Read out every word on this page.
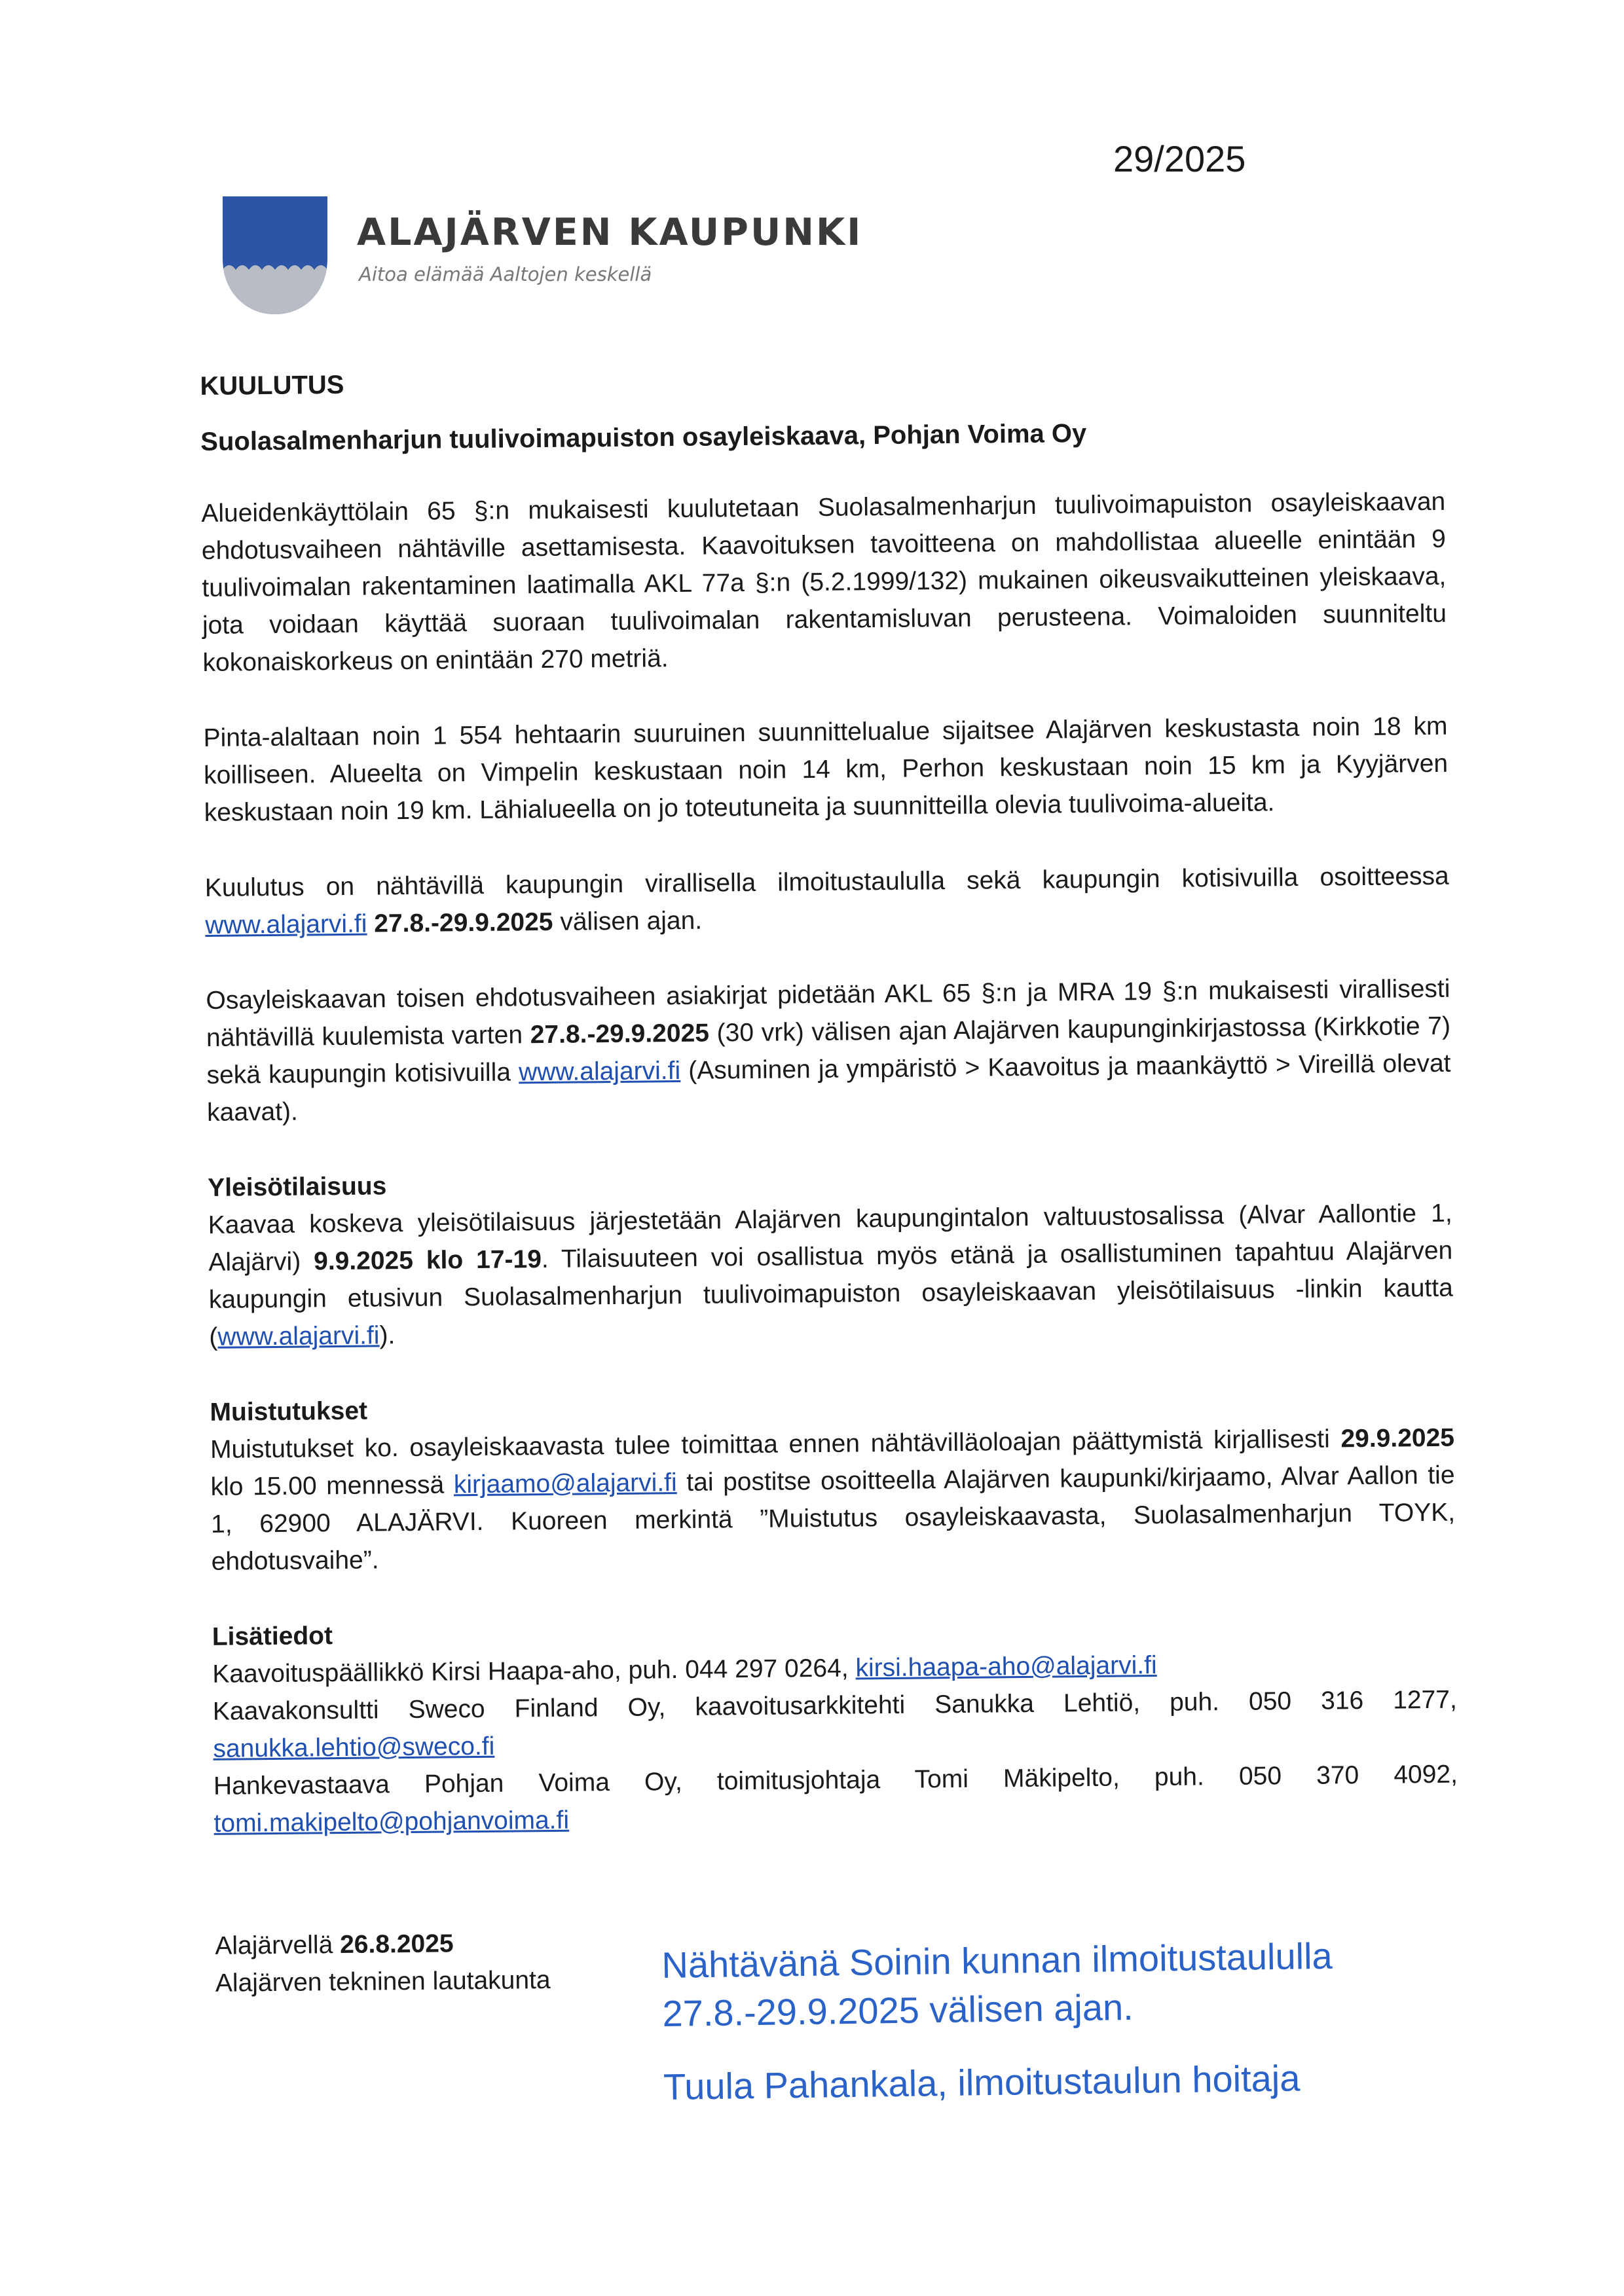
29/2025
ALAJÄRVEN KAUPUNKI
Aitoa elämää Aaltojen keskellä
KUULUTUS
Suolasalmenharjun tuulivoimapuiston osayleiskaava, Pohjan Voima Oy

Alueidenkäyttölain 65 §:n mukaisesti kuulutetaan Suolasalmenharjun tuulivoimapuiston osayleiskaavan ehdotusvaiheen nähtäville asettamisesta. Kaavoituksen tavoitteena on mahdollistaa alueelle enintään 9 tuulivoimalan rakentaminen laatimalla AKL 77a §:n (5.2.1999/132) mukainen oikeusvaikutteinen yleiskaava, jota voidaan käyttää suoraan tuulivoimalan rakentamisluvan perusteena. Voimaloiden suunniteltu kokonaiskorkeus on enintään 270 metriä.

Pinta-alaltaan noin 1 554 hehtaarin suuruinen suunnittelualue sijaitsee Alajärven keskustasta noin 18 km koilliseen. Alueelta on Vimpelin keskustaan noin 14 km, Perhon keskustaan noin 15 km ja Kyyjärven keskustaan noin 19 km. Lähialueella on jo toteutuneita ja suunnitteilla olevia tuulivoima-alueita.

Kuulutus on nähtävillä kaupungin virallisella ilmoitustaululla sekä kaupungin kotisivuilla osoitteessa www.alajarvi.fi 27.8.-29.9.2025 välisen ajan.

Osayleiskaavan toisen ehdotusvaiheen asiakirjat pidetään AKL 65 §:n ja MRA 19 §:n mukaisesti virallisesti nähtävillä kuulemista varten 27.8.-29.9.2025 (30 vrk) välisen ajan Alajärven kaupunginkirjastossa (Kirkkotie 7) sekä kaupungin kotisivuilla www.alajarvi.fi (Asuminen ja ympäristö > Kaavoitus ja maankäyttö > Vireillä olevat kaavat).

Yleisötilaisuus
Kaavaa koskeva yleisötilaisuus järjestetään Alajärven kaupungintalon valtuustosalissa (Alvar Aallontie 1, Alajärvi) 9.9.2025 klo 17-19. Tilaisuuteen voi osallistua myös etänä ja osallistuminen tapahtuu Alajärven kaupungin etusivun Suolasalmenharjun tuulivoimapuiston osayleiskaavan yleisötilaisuus -linkin kautta (www.alajarvi.fi).

Muistutukset
Muistutukset ko. osayleiskaavasta tulee toimittaa ennen nähtävilläoloajan päättymistä kirjallisesti 29.9.2025 klo 15.00 mennessä kirjaamo@alajarvi.fi tai postitse osoitteella Alajärven kaupunki/kirjaamo, Alvar Aallon tie 1, 62900 ALAJÄRVI. Kuoreen merkintä ”Muistutus osayleiskaavasta, Suolasalmenharjun TOYK, ehdotusvaihe”.

Lisätiedot
Kaavoituspäällikkö Kirsi Haapa-aho, puh. 044 297 0264, kirsi.haapa-aho@alajarvi.fi
Kaavakonsultti Sweco Finland Oy, kaavoitusarkkitehti Sanukka Lehtiö, puh. 050 316 1277, sanukka.lehtio@sweco.fi
Hankevastaava Pohjan Voima Oy, toimitusjohtaja Tomi Mäkipelto, puh. 050 370 4092, tomi.makipelto@pohjanvoima.fi
Alajärvellä 26.8.2025
Alajärven tekninen lautakunta	Nähtävänä Soinin kunnan ilmoitustaululla
27.8.-29.9.2025 välisen ajan.
Tuula Pahankala, ilmoitustaulun hoitaja
